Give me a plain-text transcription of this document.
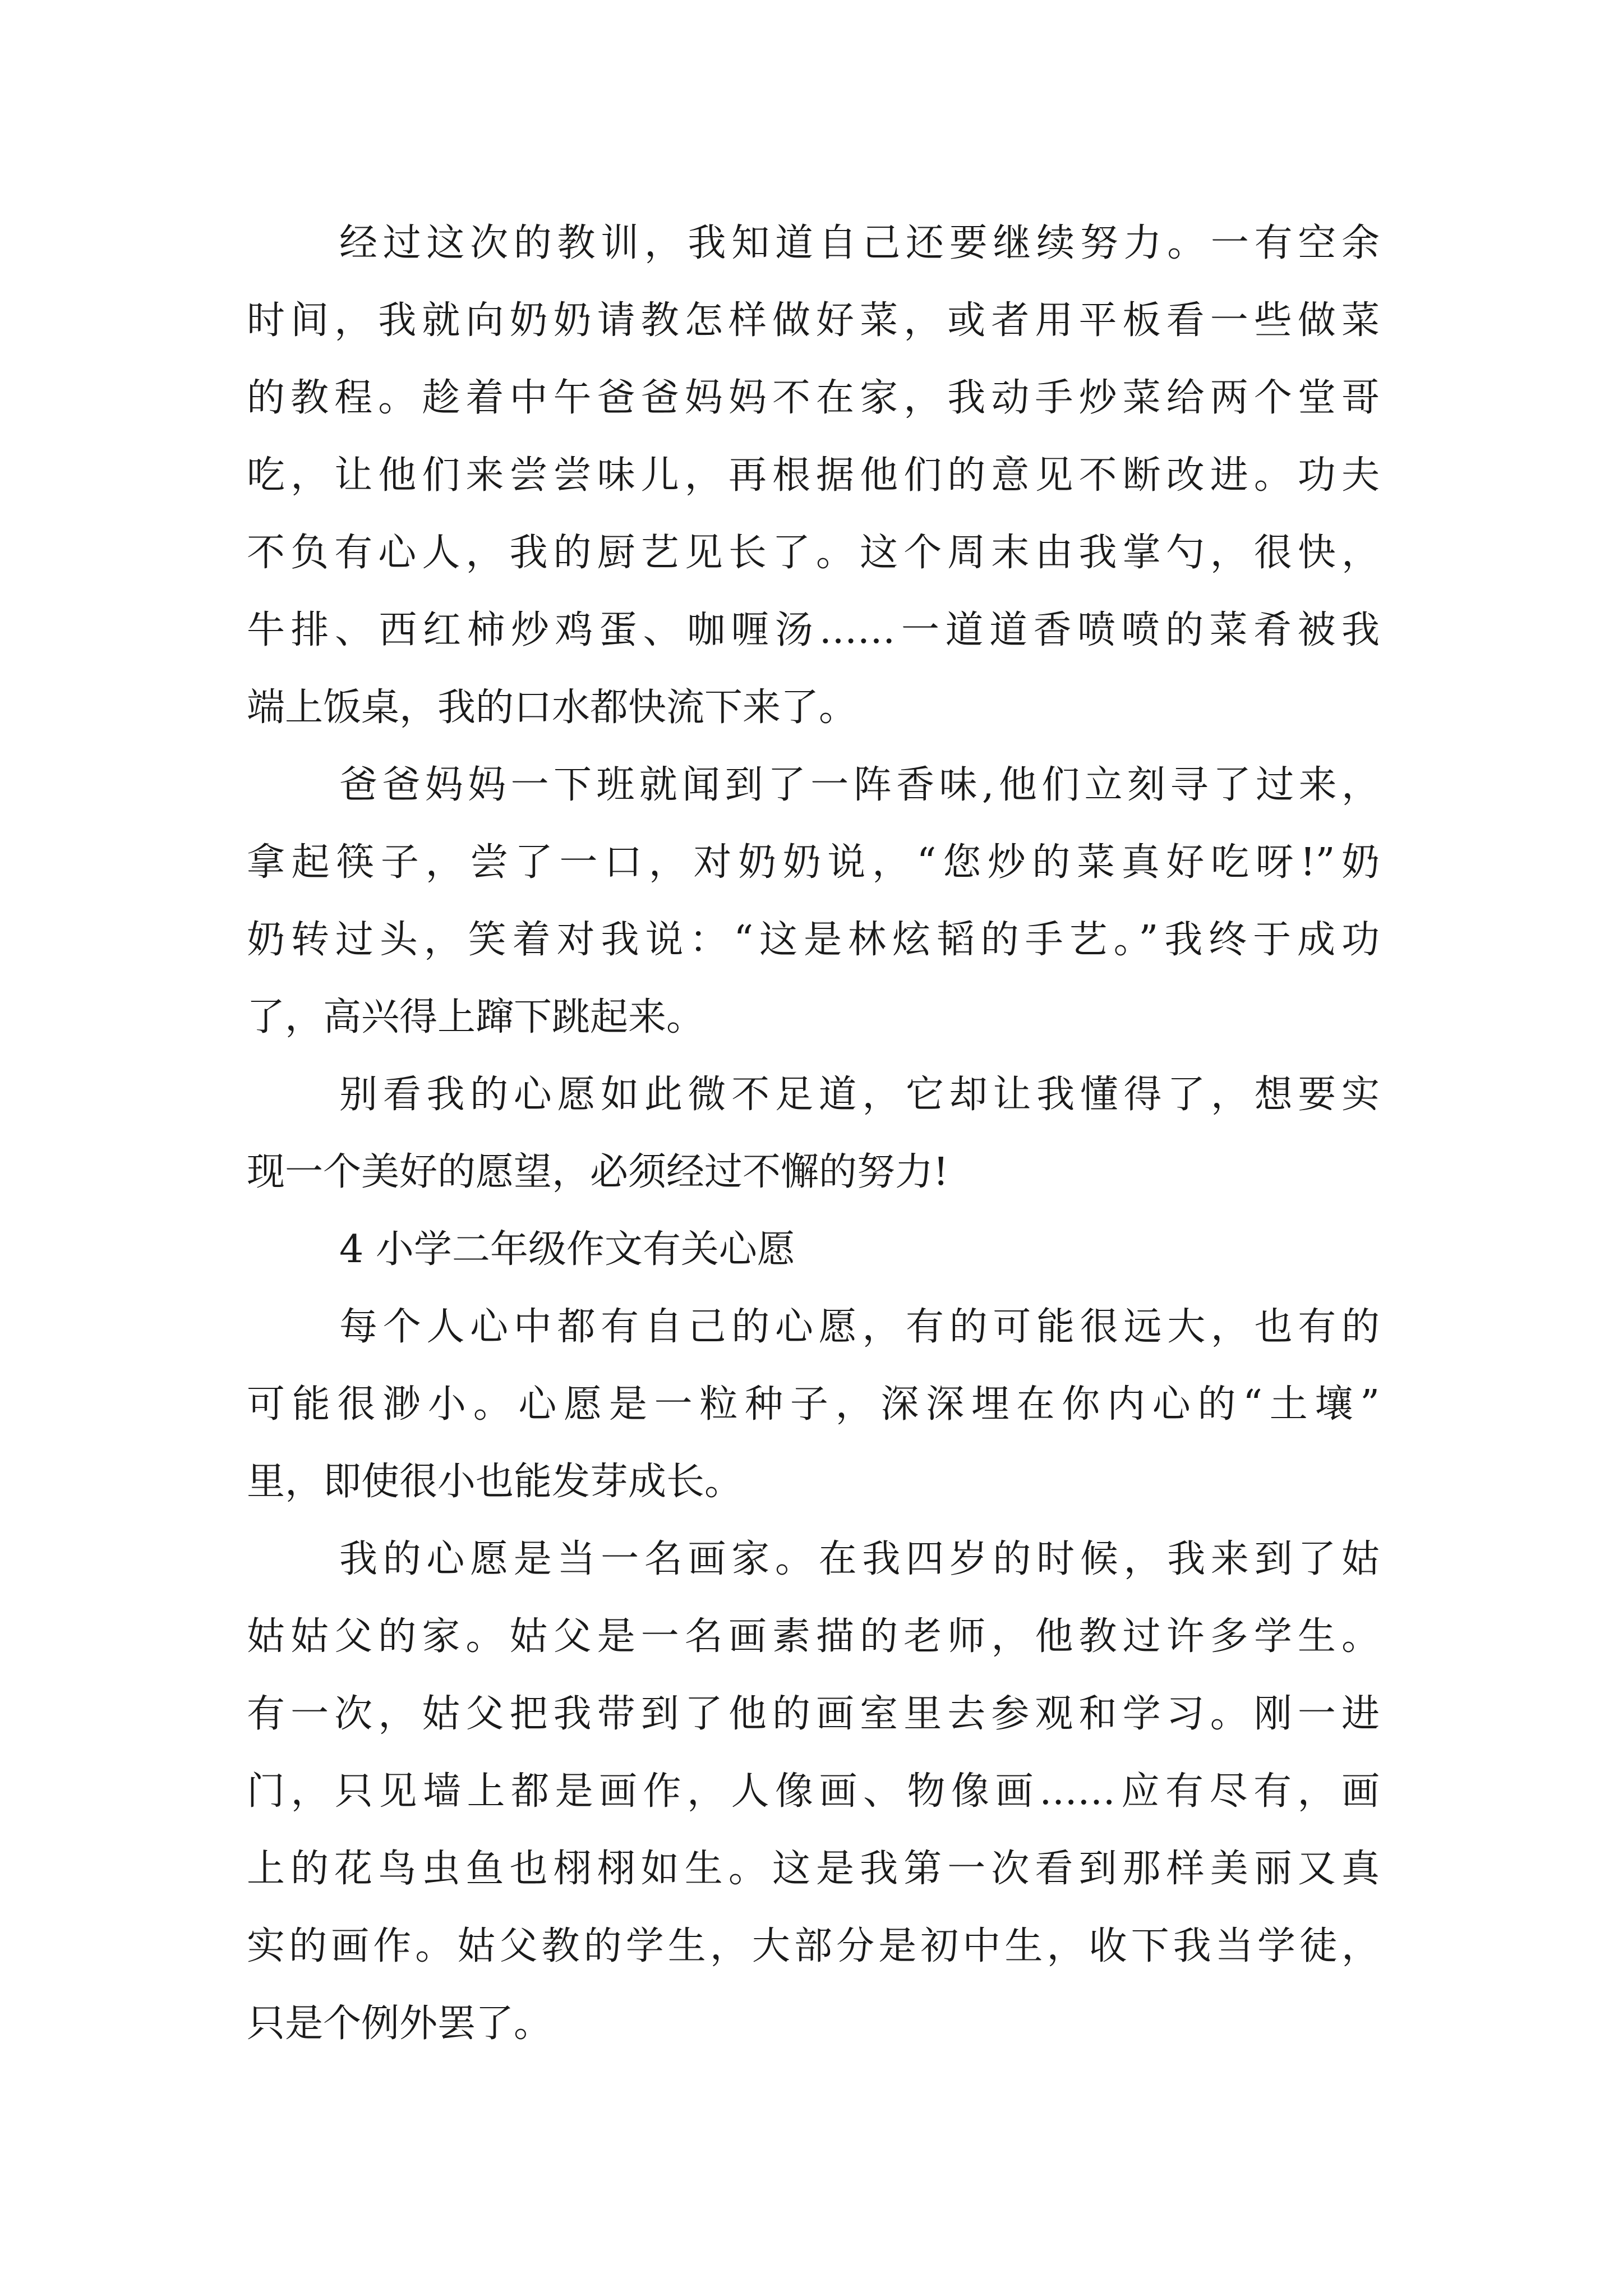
经过这次的教训，我知道自己还要继续努力。一有空余
时间，我就向奶奶请教怎样做好菜，或者用平板看一些做菜
的教程。趁着中午爸爸妈妈不在家，我动手炒菜给两个堂哥
吃，让他们来尝尝味儿，再根据他们的意见不断改进。功夫
不负有心人，我的厨艺见长了。这个周末由我掌勺，很快，
牛排、西红柿炒鸡蛋、咖喱汤……一道道香喷喷的菜肴被我
端上饭桌，我的口水都快流下来了。
爸爸妈妈一下班就闻到了一阵香味,他们立刻寻了过来，
拿起筷子，尝了一口，对奶奶说，“您炒的菜真好吃呀!”奶
奶转过头，笑着对我说：“这是林炫韬的手艺。”我终于成功
了，高兴得上蹿下跳起来。
别看我的心愿如此微不足道，它却让我懂得了，想要实
现一个美好的愿望，必须经过不懈的努力!
4 小学二年级作文有关心愿
每个人心中都有自己的心愿，有的可能很远大，也有的
可能很渺小。心愿是一粒种子，深深埋在你内心的“土壤”
里，即使很小也能发芽成长。
我的心愿是当一名画家。在我四岁的时候，我来到了姑
姑姑父的家。姑父是一名画素描的老师，他教过许多学生。
有一次，姑父把我带到了他的画室里去参观和学习。刚一进
门，只见墙上都是画作，人像画、物像画……应有尽有，画
上的花鸟虫鱼也栩栩如生。这是我第一次看到那样美丽又真
实的画作。姑父教的学生，大部分是初中生，收下我当学徒，
只是个例外罢了。
